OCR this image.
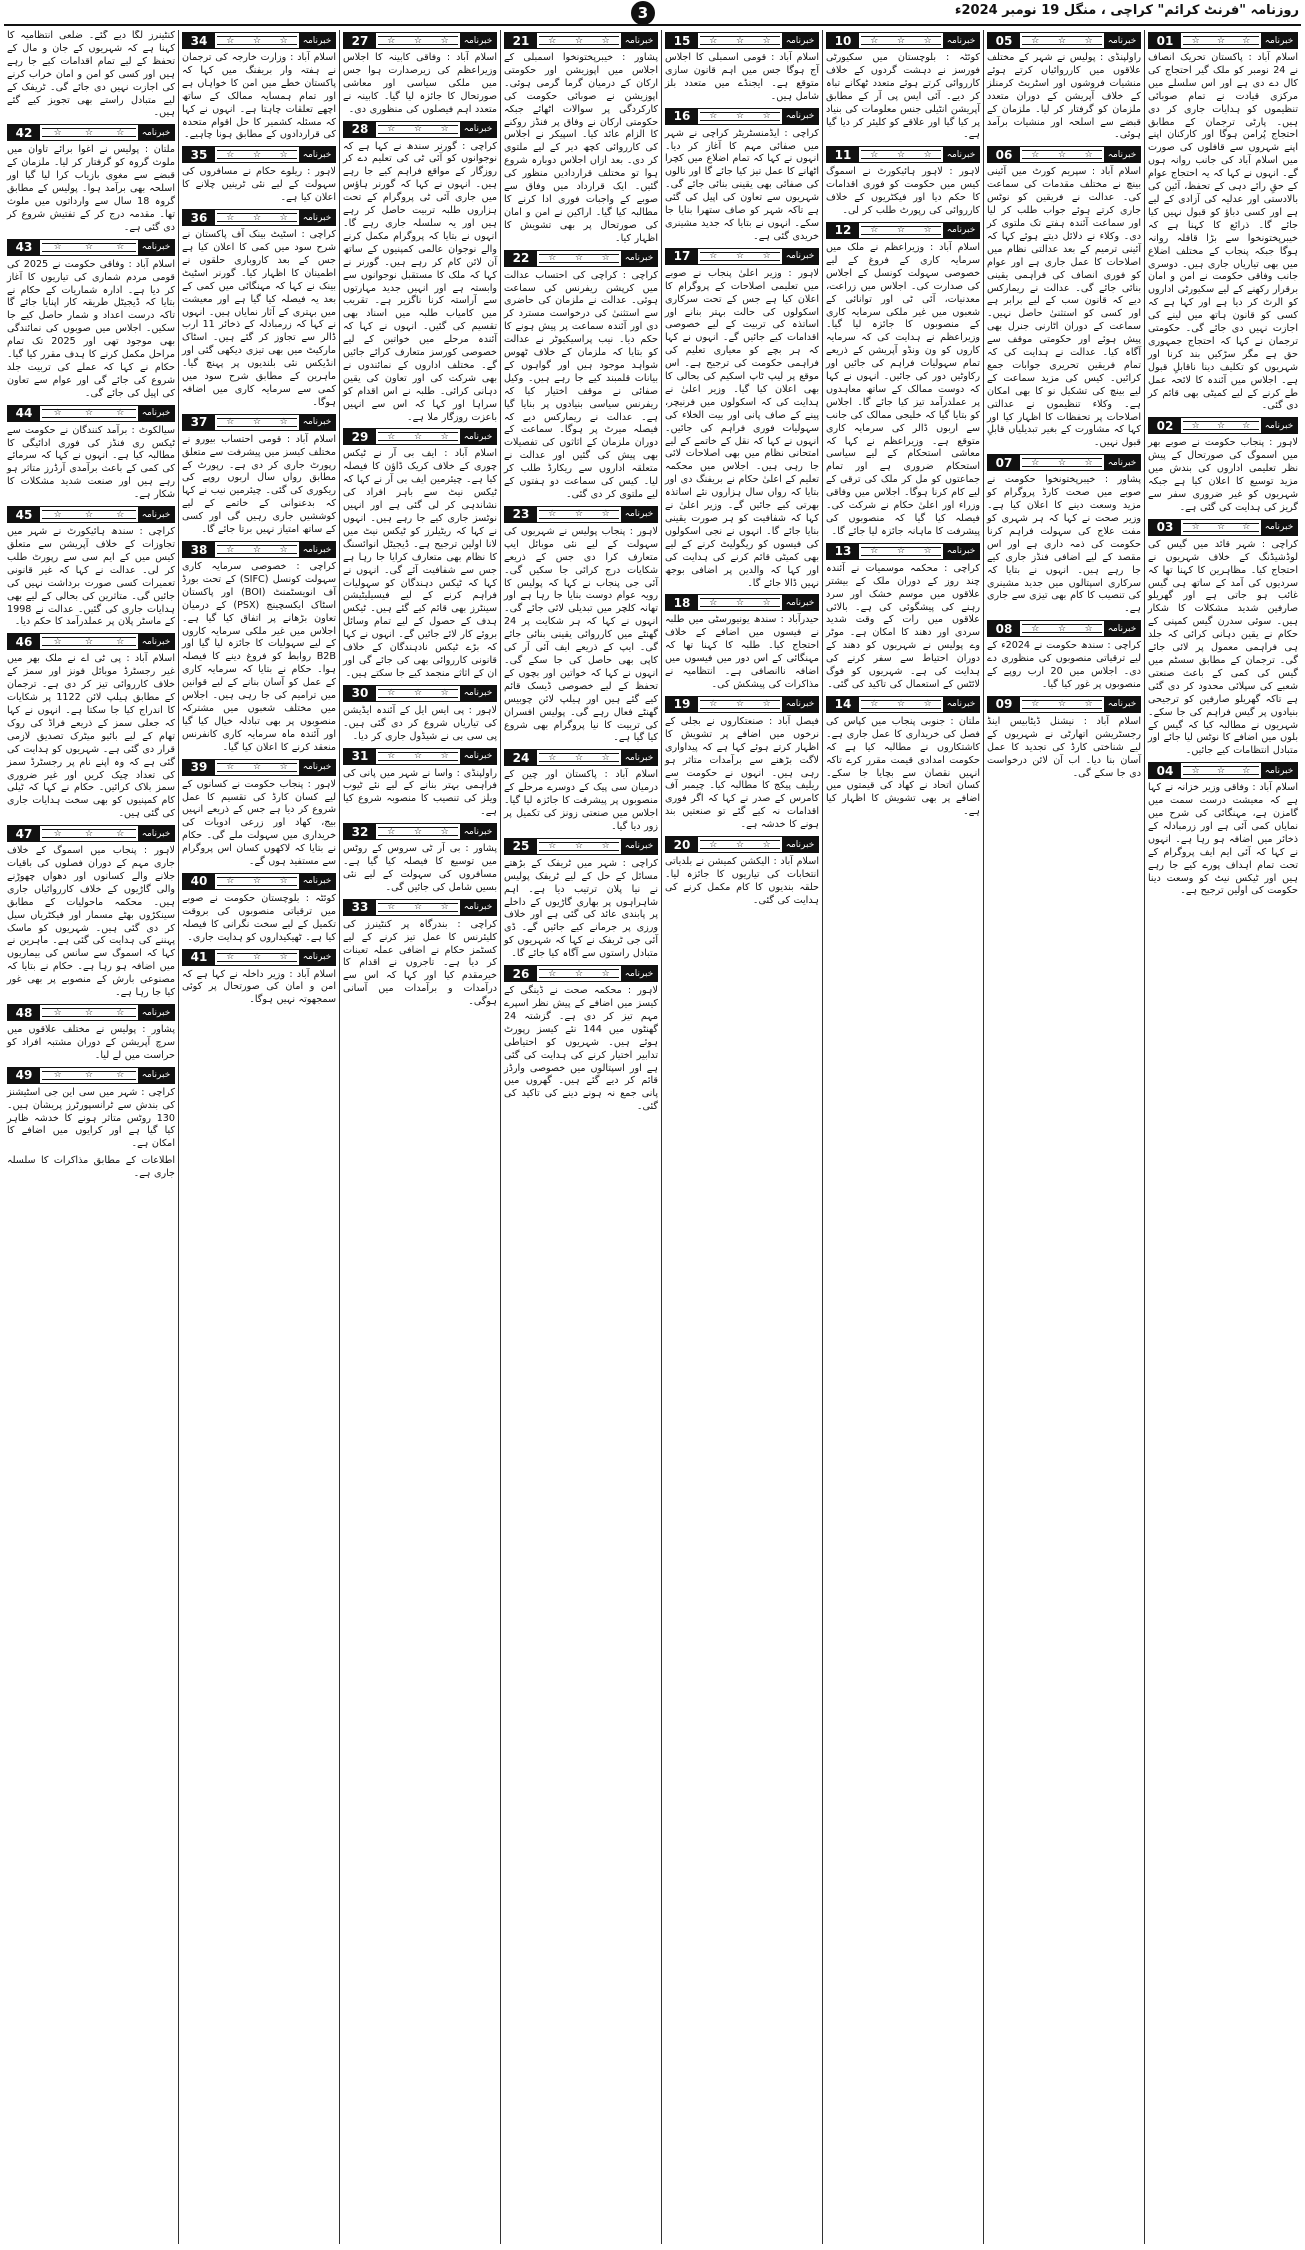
3	روزنامہ "فرنٹ کرائم" کراچی ، منگل 19 نومبر 2024ء
01	☆ ☆ ☆	خبرنامہ

اسلام آباد : پاکستان تحریک انصاف نے 24 نومبر کو ملک گیر احتجاج کی کال دے دی ہے اور اس سلسلے میں مرکزی قیادت نے تمام صوبائی تنظیموں کو ہدایات جاری کر دی ہیں۔ پارٹی ترجمان کے مطابق احتجاج پُرامن ہوگا اور کارکنان اپنے اپنے شہروں سے قافلوں کی صورت میں اسلام آباد کی جانب روانہ ہوں گے۔ انہوں نے کہا کہ یہ احتجاج عوام کے حقِ رائے دہی کے تحفظ، آئین کی بالادستی اور عدلیہ کی آزادی کے لیے ہے اور کسی دباؤ کو قبول نہیں کیا جائے گا۔ ذرائع کا کہنا ہے کہ خیبرپختونخوا سے بڑا قافلہ روانہ ہوگا جبکہ پنجاب کے مختلف اضلاع میں بھی تیاریاں جاری ہیں۔ دوسری جانب وفاقی حکومت نے امن و امان برقرار رکھنے کے لیے سکیورٹی اداروں کو الرٹ کر دیا ہے اور کہا ہے کہ کسی کو قانون ہاتھ میں لینے کی اجازت نہیں دی جائے گی۔ حکومتی ترجمان نے کہا کہ احتجاج جمہوری حق ہے مگر سڑکیں بند کرنا اور شہریوں کو تکلیف دینا ناقابلِ قبول ہے۔ اجلاس میں آئندہ کا لائحہ عمل طے کرنے کے لیے کمیٹی بھی قائم کر دی گئی۔

02	☆ ☆ ☆	خبرنامہ

لاہور : پنجاب حکومت نے صوبے بھر میں اسموگ کی صورتحال کے پیش نظر تعلیمی اداروں کی بندش میں مزید توسیع کا اعلان کیا ہے جبکہ شہریوں کو غیر ضروری سفر سے گریز کی ہدایت کی گئی ہے۔

03	☆ ☆ ☆	خبرنامہ

کراچی : شہر قائد میں گیس کی لوڈشیڈنگ کے خلاف شہریوں نے احتجاج کیا۔ مظاہرین کا کہنا تھا کہ سردیوں کی آمد کے ساتھ ہی گیس غائب ہو جاتی ہے اور گھریلو صارفین شدید مشکلات کا شکار ہیں۔ سوئی سدرن گیس کمپنی کے حکام نے یقین دہانی کرائی کہ جلد ہی فراہمی معمول پر لائی جائے گی۔ ترجمان کے مطابق سسٹم میں گیس کی کمی کے باعث صنعتی شعبے کی سپلائی محدود کر دی گئی ہے تاکہ گھریلو صارفین کو ترجیحی بنیادوں پر گیس فراہم کی جا سکے۔ شہریوں نے مطالبہ کیا کہ گیس کے بلوں میں اضافے کا نوٹس لیا جائے اور متبادل انتظامات کیے جائیں۔

04	☆ ☆ ☆	خبرنامہ

اسلام آباد : وفاقی وزیر خزانہ نے کہا ہے کہ معیشت درست سمت میں گامزن ہے، مہنگائی کی شرح میں نمایاں کمی آئی ہے اور زرمبادلہ کے ذخائر میں اضافہ ہو رہا ہے۔ انہوں نے کہا کہ آئی ایم ایف پروگرام کے تحت تمام اہداف پورے کیے جا رہے ہیں اور ٹیکس نیٹ کو وسعت دینا حکومت کی اولین ترجیح ہے۔

05	☆ ☆ ☆	خبرنامہ

راولپنڈی : پولیس نے شہر کے مختلف علاقوں میں کارروائیاں کرتے ہوئے منشیات فروشوں اور اسٹریٹ کرمنلز کے خلاف آپریشن کے دوران متعدد ملزمان کو گرفتار کر لیا۔ ملزمان کے قبضے سے اسلحہ اور منشیات برآمد ہوئی۔

06	☆ ☆ ☆	خبرنامہ

اسلام آباد : سپریم کورٹ میں آئینی بینچ نے مختلف مقدمات کی سماعت کی۔ عدالت نے فریقین کو نوٹس جاری کرتے ہوئے جواب طلب کر لیا اور سماعت آئندہ ہفتے تک ملتوی کر دی۔ وکلاء نے دلائل دیتے ہوئے کہا کہ آئینی ترمیم کے بعد عدالتی نظام میں اصلاحات کا عمل جاری ہے اور عوام کو فوری انصاف کی فراہمی یقینی بنائی جائے گی۔ عدالت نے ریمارکس دیے کہ قانون سب کے لیے برابر ہے اور کسی کو استثنیٰ حاصل نہیں۔ سماعت کے دوران اٹارنی جنرل بھی پیش ہوئے اور حکومتی موقف سے آگاہ کیا۔ عدالت نے ہدایت کی کہ تمام فریقین تحریری جوابات جمع کرائیں۔ کیس کی مزید سماعت کے لیے بینچ کی تشکیل نو کا بھی امکان ہے۔ وکلاء تنظیموں نے عدالتی اصلاحات پر تحفظات کا اظہار کیا اور کہا کہ مشاورت کے بغیر تبدیلیاں قابلِ قبول نہیں۔

07	☆ ☆ ☆	خبرنامہ

پشاور : خیبرپختونخوا حکومت نے صوبے میں صحت کارڈ پروگرام کو مزید وسعت دینے کا اعلان کیا ہے۔ وزیر صحت نے کہا کہ ہر شہری کو مفت علاج کی سہولت فراہم کرنا حکومت کی ذمہ داری ہے اور اس مقصد کے لیے اضافی فنڈز جاری کیے جا رہے ہیں۔ انہوں نے بتایا کہ سرکاری اسپتالوں میں جدید مشینری کی تنصیب کا کام بھی تیزی سے جاری ہے۔

08	☆ ☆ ☆	خبرنامہ

کراچی : سندھ حکومت نے 2024ء کے لیے ترقیاتی منصوبوں کی منظوری دے دی۔ اجلاس میں 20 ارب روپے کے منصوبوں پر غور کیا گیا۔

09	☆ ☆ ☆	خبرنامہ

اسلام آباد : نیشنل ڈیٹابیس اینڈ رجسٹریشن اتھارٹی نے شہریوں کے لیے شناختی کارڈ کی تجدید کا عمل آسان بنا دیا۔ اب آن لائن درخواست دی جا سکے گی۔

10	☆ ☆ ☆	خبرنامہ

کوئٹہ : بلوچستان میں سکیورٹی فورسز نے دہشت گردوں کے خلاف کارروائی کرتے ہوئے متعدد ٹھکانے تباہ کر دیے۔ آئی ایس پی آر کے مطابق آپریشن انٹیلی جنس معلومات کی بنیاد پر کیا گیا اور علاقے کو کلیئر کر دیا گیا ہے۔

11	☆ ☆ ☆	خبرنامہ

لاہور : لاہور ہائیکورٹ نے اسموگ کیس میں حکومت کو فوری اقدامات کا حکم دیا اور فیکٹریوں کے خلاف کارروائی کی رپورٹ طلب کر لی۔

12	☆ ☆ ☆	خبرنامہ

اسلام آباد : وزیراعظم نے ملک میں سرمایہ کاری کے فروغ کے لیے خصوصی سہولت کونسل کے اجلاس کی صدارت کی۔ اجلاس میں زراعت، معدنیات، آئی ٹی اور توانائی کے شعبوں میں غیر ملکی سرمایہ کاری کے منصوبوں کا جائزہ لیا گیا۔ وزیراعظم نے ہدایت کی کہ سرمایہ کاروں کو ون ونڈو آپریشن کے ذریعے تمام سہولیات فراہم کی جائیں اور رکاوٹیں دور کی جائیں۔ انہوں نے کہا کہ دوست ممالک کے ساتھ معاہدوں پر عملدرآمد تیز کیا جائے گا۔ اجلاس کو بتایا گیا کہ خلیجی ممالک کی جانب سے اربوں ڈالر کی سرمایہ کاری متوقع ہے۔ وزیراعظم نے کہا کہ معاشی استحکام کے لیے سیاسی استحکام ضروری ہے اور تمام جماعتوں کو مل کر ملک کی ترقی کے لیے کام کرنا ہوگا۔ اجلاس میں وفاقی وزراء اور اعلیٰ حکام نے شرکت کی۔ فیصلہ کیا گیا کہ منصوبوں کی پیشرفت کا ماہانہ جائزہ لیا جائے گا۔

13	☆ ☆ ☆	خبرنامہ

کراچی : محکمہ موسمیات نے آئندہ چند روز کے دوران ملک کے بیشتر علاقوں میں موسم خشک اور سرد رہنے کی پیشگوئی کی ہے۔ بالائی علاقوں میں رات کے وقت شدید سردی اور دھند کا امکان ہے۔ موٹر وے پولیس نے شہریوں کو دھند کے دوران احتیاط سے سفر کرنے کی ہدایت کی ہے۔ شہریوں کو فوگ لائٹس کے استعمال کی تاکید کی گئی۔

14	☆ ☆ ☆	خبرنامہ

ملتان : جنوبی پنجاب میں کپاس کی فصل کی خریداری کا عمل جاری ہے۔ کاشتکاروں نے مطالبہ کیا ہے کہ حکومت امدادی قیمت مقرر کرے تاکہ انہیں نقصان سے بچایا جا سکے۔ کسان اتحاد نے کھاد کی قیمتوں میں اضافے پر بھی تشویش کا اظہار کیا ہے۔

15	☆ ☆ ☆	خبرنامہ

اسلام آباد : قومی اسمبلی کا اجلاس آج ہوگا جس میں اہم قانون سازی متوقع ہے۔ ایجنڈے میں متعدد بلز شامل ہیں۔

16	☆ ☆ ☆	خبرنامہ

کراچی : ایڈمنسٹریٹر کراچی نے شہر میں صفائی مہم کا آغاز کر دیا۔ انہوں نے کہا کہ تمام اضلاع میں کچرا اٹھانے کا عمل تیز کیا جائے گا اور نالوں کی صفائی بھی یقینی بنائی جائے گی۔ شہریوں سے تعاون کی اپیل کی گئی ہے تاکہ شہر کو صاف ستھرا بنایا جا سکے۔ انہوں نے بتایا کہ جدید مشینری خریدی گئی ہے۔

17	☆ ☆ ☆	خبرنامہ

لاہور : وزیر اعلیٰ پنجاب نے صوبے میں تعلیمی اصلاحات کے پروگرام کا اعلان کیا ہے جس کے تحت سرکاری اسکولوں کی حالت بہتر بنانے اور اساتذہ کی تربیت کے لیے خصوصی اقدامات کیے جائیں گے۔ انہوں نے کہا کہ ہر بچے کو معیاری تعلیم کی فراہمی حکومت کی ترجیح ہے۔ اس موقع پر لیپ ٹاپ اسکیم کی بحالی کا بھی اعلان کیا گیا۔ وزیر اعلیٰ نے ہدایت کی کہ اسکولوں میں فرنیچر، پینے کے صاف پانی اور بیت الخلاء کی سہولیات فوری فراہم کی جائیں۔ انہوں نے کہا کہ نقل کے خاتمے کے لیے امتحانی نظام میں بھی اصلاحات لائی جا رہی ہیں۔ اجلاس میں محکمہ تعلیم کے اعلیٰ حکام نے بریفنگ دی اور بتایا کہ رواں سال ہزاروں نئے اساتذہ بھرتی کیے جائیں گے۔ وزیر اعلیٰ نے کہا کہ شفافیت کو ہر صورت یقینی بنایا جائے گا۔ انہوں نے نجی اسکولوں کی فیسوں کو ریگولیٹ کرنے کے لیے بھی کمیٹی قائم کرنے کی ہدایت کی اور کہا کہ والدین پر اضافی بوجھ نہیں ڈالا جائے گا۔

18	☆ ☆ ☆	خبرنامہ

حیدرآباد : سندھ یونیورسٹی میں طلبہ نے فیسوں میں اضافے کے خلاف احتجاج کیا۔ طلبہ کا کہنا تھا کہ مہنگائی کے اس دور میں فیسوں میں اضافہ ناانصافی ہے۔ انتظامیہ نے مذاکرات کی پیشکش کی۔

19	☆ ☆ ☆	خبرنامہ

فیصل آباد : صنعتکاروں نے بجلی کے نرخوں میں اضافے پر تشویش کا اظہار کرتے ہوئے کہا ہے کہ پیداواری لاگت بڑھنے سے برآمدات متاثر ہو رہی ہیں۔ انہوں نے حکومت سے ریلیف پیکج کا مطالبہ کیا۔ چیمبر آف کامرس کے صدر نے کہا کہ اگر فوری اقدامات نہ کیے گئے تو صنعتیں بند ہونے کا خدشہ ہے۔

20	☆ ☆ ☆	خبرنامہ

اسلام آباد : الیکشن کمیشن نے بلدیاتی انتخابات کی تیاریوں کا جائزہ لیا۔ حلقہ بندیوں کا کام مکمل کرنے کی ہدایت کی گئی۔

21	☆ ☆ ☆	خبرنامہ

پشاور : خیبرپختونخوا اسمبلی کے اجلاس میں اپوزیشن اور حکومتی ارکان کے درمیان گرما گرمی ہوئی۔ اپوزیشن نے صوبائی حکومت کی کارکردگی پر سوالات اٹھائے جبکہ حکومتی ارکان نے وفاق پر فنڈز روکنے کا الزام عائد کیا۔ اسپیکر نے اجلاس کی کارروائی کچھ دیر کے لیے ملتوی کر دی۔ بعد ازاں اجلاس دوبارہ شروع ہوا تو مختلف قراردادیں منظور کی گئیں۔ ایک قرارداد میں وفاق سے صوبے کے واجبات فوری ادا کرنے کا مطالبہ کیا گیا۔ اراکین نے امن و امان کی صورتحال پر بھی تشویش کا اظہار کیا۔

22	☆ ☆ ☆	خبرنامہ

کراچی : کراچی کی احتساب عدالت میں کرپشن ریفرنس کی سماعت ہوئی۔ عدالت نے ملزمان کی حاضری سے استثنیٰ کی درخواست مسترد کر دی اور آئندہ سماعت پر پیش ہونے کا حکم دیا۔ نیب پراسیکیوٹر نے عدالت کو بتایا کہ ملزمان کے خلاف ٹھوس شواہد موجود ہیں اور گواہوں کے بیانات قلمبند کیے جا رہے ہیں۔ وکیل صفائی نے موقف اختیار کیا کہ ریفرنس سیاسی بنیادوں پر بنایا گیا ہے۔ عدالت نے ریمارکس دیے کہ فیصلہ میرٹ پر ہوگا۔ سماعت کے دوران ملزمان کے اثاثوں کی تفصیلات بھی پیش کی گئیں اور عدالت نے متعلقہ اداروں سے ریکارڈ طلب کر لیا۔ کیس کی سماعت دو ہفتوں کے لیے ملتوی کر دی گئی۔

23	☆ ☆ ☆	خبرنامہ

لاہور : پنجاب پولیس نے شہریوں کی سہولت کے لیے نئی موبائل ایپ متعارف کرا دی جس کے ذریعے شکایات درج کرائی جا سکیں گی۔ آئی جی پنجاب نے کہا کہ پولیس کا رویہ عوام دوست بنایا جا رہا ہے اور تھانہ کلچر میں تبدیلی لائی جائے گی۔ انہوں نے کہا کہ ہر شکایت پر 24 گھنٹے میں کارروائی یقینی بنائی جائے گی۔ ایپ کے ذریعے ایف آئی آر کی کاپی بھی حاصل کی جا سکے گی۔ انہوں نے کہا کہ خواتین اور بچوں کے تحفظ کے لیے خصوصی ڈیسک قائم کیے گئے ہیں اور ہیلپ لائن چوبیس گھنٹے فعال رہے گی۔ پولیس افسران کی تربیت کا نیا پروگرام بھی شروع کیا گیا ہے۔

24	☆ ☆ ☆	خبرنامہ

اسلام آباد : پاکستان اور چین کے درمیان سی پیک کے دوسرے مرحلے کے منصوبوں پر پیشرفت کا جائزہ لیا گیا۔ اجلاس میں صنعتی زونز کی تکمیل پر زور دیا گیا۔

25	☆ ☆ ☆	خبرنامہ

کراچی : شہر میں ٹریفک کے بڑھتے مسائل کے حل کے لیے ٹریفک پولیس نے نیا پلان ترتیب دیا ہے۔ اہم شاہراہوں پر بھاری گاڑیوں کے داخلے پر پابندی عائد کی گئی ہے اور خلاف ورزی پر جرمانے کیے جائیں گے۔ ڈی آئی جی ٹریفک نے کہا کہ شہریوں کو متبادل راستوں سے آگاہ کیا جائے گا۔

26	☆ ☆ ☆	خبرنامہ

لاہور : محکمہ صحت نے ڈینگی کے کیسز میں اضافے کے پیش نظر اسپرے مہم تیز کر دی ہے۔ گزشتہ 24 گھنٹوں میں 144 نئے کیسز رپورٹ ہوئے ہیں۔ شہریوں کو احتیاطی تدابیر اختیار کرنے کی ہدایت کی گئی ہے اور اسپتالوں میں خصوصی وارڈز قائم کر دیے گئے ہیں۔ گھروں میں پانی جمع نہ ہونے دینے کی تاکید کی گئی۔

27	☆ ☆ ☆	خبرنامہ

اسلام آباد : وفاقی کابینہ کا اجلاس وزیراعظم کی زیرصدارت ہوا جس میں ملکی سیاسی اور معاشی صورتحال کا جائزہ لیا گیا۔ کابینہ نے متعدد اہم فیصلوں کی منظوری دی۔

28	☆ ☆ ☆	خبرنامہ

کراچی : گورنر سندھ نے کہا ہے کہ نوجوانوں کو آئی ٹی کی تعلیم دے کر روزگار کے مواقع فراہم کیے جا رہے ہیں۔ انہوں نے کہا کہ گورنر ہاؤس میں جاری آئی ٹی پروگرام کے تحت ہزاروں طلبہ تربیت حاصل کر رہے ہیں اور یہ سلسلہ جاری رہے گا۔ انہوں نے بتایا کہ پروگرام مکمل کرنے والے نوجوان عالمی کمپنیوں کے ساتھ آن لائن کام کر رہے ہیں۔ گورنر نے کہا کہ ملک کا مستقبل نوجوانوں سے وابستہ ہے اور انہیں جدید مہارتوں سے آراستہ کرنا ناگزیر ہے۔ تقریب میں کامیاب طلبہ میں اسناد بھی تقسیم کی گئیں۔ انہوں نے کہا کہ آئندہ مرحلے میں خواتین کے لیے خصوصی کورسز متعارف کرائے جائیں گے۔ مختلف اداروں کے نمائندوں نے بھی شرکت کی اور تعاون کی یقین دہانی کرائی۔ طلبہ نے اس اقدام کو سراہا اور کہا کہ اس سے انہیں باعزت روزگار ملا ہے۔

29	☆ ☆ ☆	خبرنامہ

اسلام آباد : ایف بی آر نے ٹیکس چوری کے خلاف کریک ڈاؤن کا فیصلہ کیا ہے۔ چیئرمین ایف بی آر نے کہا کہ ٹیکس نیٹ سے باہر افراد کی نشاندہی کر لی گئی ہے اور انہیں نوٹسز جاری کیے جا رہے ہیں۔ انہوں نے کہا کہ ریٹیلرز کو ٹیکس نیٹ میں لانا اولین ترجیح ہے۔ ڈیجیٹل انوائسنگ کا نظام بھی متعارف کرایا جا رہا ہے جس سے شفافیت آئے گی۔ انہوں نے کہا کہ ٹیکس دہندگان کو سہولیات فراہم کرنے کے لیے فیسیلیٹیشن سینٹرز بھی قائم کیے گئے ہیں۔ ٹیکس ہدف کے حصول کے لیے تمام وسائل بروئے کار لائے جائیں گے۔ انہوں نے کہا کہ بڑے ٹیکس نادہندگان کے خلاف قانونی کارروائی بھی کی جائے گی اور ان کے اثاثے منجمد کیے جا سکتے ہیں۔

30	☆ ☆ ☆	خبرنامہ

لاہور : پی ایس ایل کے آئندہ ایڈیشن کی تیاریاں شروع کر دی گئی ہیں۔ پی سی بی نے شیڈول جاری کر دیا۔

31	☆ ☆ ☆	خبرنامہ

راولپنڈی : واسا نے شہر میں پانی کی فراہمی بہتر بنانے کے لیے نئے ٹیوب ویلز کی تنصیب کا منصوبہ شروع کیا ہے۔

32	☆ ☆ ☆	خبرنامہ

پشاور : بی آر ٹی سروس کے روٹس میں توسیع کا فیصلہ کیا گیا ہے۔ مسافروں کی سہولت کے لیے نئی بسیں شامل کی جائیں گی۔

33	☆ ☆ ☆	خبرنامہ

کراچی : بندرگاہ پر کنٹینرز کی کلیئرنس کا عمل تیز کرنے کے لیے کسٹمز حکام نے اضافی عملہ تعینات کر دیا ہے۔ تاجروں نے اقدام کا خیرمقدم کیا اور کہا کہ اس سے درآمدات و برآمدات میں آسانی ہوگی۔

34	☆ ☆ ☆	خبرنامہ

اسلام آباد : وزارت خارجہ کی ترجمان نے ہفتہ وار بریفنگ میں کہا کہ پاکستان خطے میں امن کا خواہاں ہے اور تمام ہمسایہ ممالک کے ساتھ اچھے تعلقات چاہتا ہے۔ انہوں نے کہا کہ مسئلہ کشمیر کا حل اقوام متحدہ کی قراردادوں کے مطابق ہونا چاہیے۔

35	☆ ☆ ☆	خبرنامہ

لاہور : ریلوے حکام نے مسافروں کی سہولت کے لیے نئی ٹرینیں چلانے کا اعلان کیا ہے۔

36	☆ ☆ ☆	خبرنامہ

کراچی : اسٹیٹ بینک آف پاکستان نے شرح سود میں کمی کا اعلان کیا ہے جس کے بعد کاروباری حلقوں نے اطمینان کا اظہار کیا۔ گورنر اسٹیٹ بینک نے کہا کہ مہنگائی میں کمی کے بعد یہ فیصلہ کیا گیا ہے اور معیشت میں بہتری کے آثار نمایاں ہیں۔ انہوں نے کہا کہ زرمبادلہ کے ذخائر 11 ارب ڈالر سے تجاوز کر گئے ہیں۔ اسٹاک مارکیٹ میں بھی تیزی دیکھی گئی اور انڈیکس نئی بلندیوں پر پہنچ گیا۔ ماہرین کے مطابق شرح سود میں کمی سے سرمایہ کاری میں اضافہ ہوگا۔

37	☆ ☆ ☆	خبرنامہ

اسلام آباد : قومی احتساب بیورو نے مختلف کیسز میں پیشرفت سے متعلق رپورٹ جاری کر دی ہے۔ رپورٹ کے مطابق رواں سال اربوں روپے کی ریکوری کی گئی۔ چیئرمین نیب نے کہا کہ بدعنوانی کے خاتمے کے لیے کوششیں جاری رہیں گی اور کسی کے ساتھ امتیاز نہیں برتا جائے گا۔

38	☆ ☆ ☆	خبرنامہ

کراچی : خصوصی سرمایہ کاری سہولت کونسل (SIFC) کے تحت بورڈ آف انویسٹمنٹ (BOI) اور پاکستان اسٹاک ایکسچینج (PSX) کے درمیان تعاون بڑھانے پر اتفاق کیا گیا ہے۔ اجلاس میں غیر ملکی سرمایہ کاروں کے لیے سہولیات کا جائزہ لیا گیا اور B2B روابط کو فروغ دینے کا فیصلہ ہوا۔ حکام نے بتایا کہ سرمایہ کاری کے عمل کو آسان بنانے کے لیے قوانین میں ترامیم کی جا رہی ہیں۔ اجلاس میں مختلف شعبوں میں مشترکہ منصوبوں پر بھی تبادلہ خیال کیا گیا اور آئندہ ماہ سرمایہ کاری کانفرنس منعقد کرنے کا اعلان کیا گیا۔

39	☆ ☆ ☆	خبرنامہ

لاہور : پنجاب حکومت نے کسانوں کے لیے کسان کارڈ کی تقسیم کا عمل شروع کر دیا ہے جس کے ذریعے انہیں بیج، کھاد اور زرعی ادویات کی خریداری میں سہولت ملے گی۔ حکام نے بتایا کہ لاکھوں کسان اس پروگرام سے مستفید ہوں گے۔

40	☆ ☆ ☆	خبرنامہ

کوئٹہ : بلوچستان حکومت نے صوبے میں ترقیاتی منصوبوں کی بروقت تکمیل کے لیے سخت نگرانی کا فیصلہ کیا ہے۔ ٹھیکیداروں کو ہدایت جاری۔

41	☆ ☆ ☆	خبرنامہ

اسلام آباد : وزیر داخلہ نے کہا ہے کہ امن و امان کی صورتحال پر کوئی سمجھوتہ نہیں ہوگا۔

کنٹینرز لگا دیے گئے۔ ضلعی انتظامیہ کا کہنا ہے کہ شہریوں کے جان و مال کے تحفظ کے لیے تمام اقدامات کیے جا رہے ہیں اور کسی کو امن و امان خراب کرنے کی اجازت نہیں دی جائے گی۔ ٹریفک کے لیے متبادل راستے بھی تجویز کیے گئے ہیں۔

42	☆	☆	☆	خبرنامہ

ملتان : پولیس نے اغوا برائے تاوان میں ملوث گروہ کو گرفتار کر لیا۔ ملزمان کے قبضے سے مغوی بازیاب کرا لیا گیا اور اسلحہ بھی برآمد ہوا۔ پولیس کے مطابق گروہ 18 سال سے وارداتوں میں ملوث تھا۔ مقدمہ درج کر کے تفتیش شروع کر دی گئی ہے۔

43	☆	☆	☆	خبرنامہ

اسلام آباد : وفاقی حکومت نے 2025 کی قومی مردم شماری کی تیاریوں کا آغاز کر دیا ہے۔ ادارہ شماریات کے حکام نے بتایا کہ ڈیجیٹل طریقہ کار اپنایا جائے گا تاکہ درست اعداد و شمار حاصل کیے جا سکیں۔ اجلاس میں صوبوں کی نمائندگی بھی موجود تھی اور 2025 تک تمام مراحل مکمل کرنے کا ہدف مقرر کیا گیا۔ حکام نے کہا کہ عملے کی تربیت جلد شروع کی جائے گی اور عوام سے تعاون کی اپیل کی جائے گی۔

44	☆	☆	☆	خبرنامہ

سیالکوٹ : برآمد کنندگان نے حکومت سے ٹیکس ری فنڈز کی فوری ادائیگی کا مطالبہ کیا ہے۔ انہوں نے کہا کہ سرمائے کی کمی کے باعث برآمدی آرڈرز متاثر ہو رہے ہیں اور صنعت شدید مشکلات کا شکار ہے۔

45	☆	☆	☆	خبرنامہ

کراچی : سندھ ہائیکورٹ نے شہر میں تجاوزات کے خلاف آپریشن سے متعلق کیس میں کے ایم سی سے رپورٹ طلب کر لی۔ عدالت نے کہا کہ غیر قانونی تعمیرات کسی صورت برداشت نہیں کی جائیں گی۔ متاثرین کی بحالی کے لیے بھی ہدایات جاری کی گئیں۔ عدالت نے 1998 کے ماسٹر پلان پر عملدرآمد کا حکم دیا۔

46	☆	☆	☆	خبرنامہ

اسلام آباد : پی ٹی اے نے ملک بھر میں غیر رجسٹرڈ موبائل فونز اور سمز کے خلاف کارروائی تیز کر دی ہے۔ ترجمان کے مطابق ہیلپ لائن 1122 پر شکایات کا اندراج کیا جا سکتا ہے۔ انہوں نے کہا کہ جعلی سمز کے ذریعے فراڈ کی روک تھام کے لیے بائیو میٹرک تصدیق لازمی قرار دی گئی ہے۔ شہریوں کو ہدایت کی گئی ہے کہ وہ اپنے نام پر رجسٹرڈ سمز کی تعداد چیک کریں اور غیر ضروری سمز بلاک کرائیں۔ حکام نے کہا کہ ٹیلی کام کمپنیوں کو بھی سخت ہدایات جاری کی گئی ہیں۔

47	☆	☆	☆	خبرنامہ

لاہور : پنجاب میں اسموگ کے خلاف جاری مہم کے دوران فصلوں کی باقیات جلانے والے کسانوں اور دھواں چھوڑنے والی گاڑیوں کے خلاف کارروائیاں جاری ہیں۔ محکمہ ماحولیات کے مطابق سینکڑوں بھٹے مسمار اور فیکٹریاں سیل کر دی گئی ہیں۔ شہریوں کو ماسک پہننے کی ہدایت کی گئی ہے۔ ماہرین نے کہا کہ اسموگ سے سانس کی بیماریوں میں اضافہ ہو رہا ہے۔ حکام نے بتایا کہ مصنوعی بارش کے منصوبے پر بھی غور کیا جا رہا ہے۔

48	☆	☆	☆	خبرنامہ

پشاور : پولیس نے مختلف علاقوں میں سرچ آپریشن کے دوران مشتبہ افراد کو حراست میں لے لیا۔

49	☆	☆	☆	خبرنامہ

کراچی : شہر میں سی این جی اسٹیشنز کی بندش سے ٹرانسپورٹرز پریشان ہیں۔ 130 روٹس متاثر ہونے کا خدشہ ظاہر کیا گیا ہے اور کرایوں میں اضافے کا امکان ہے۔

اطلاعات کے مطابق مذاکرات کا سلسلہ جاری ہے۔
